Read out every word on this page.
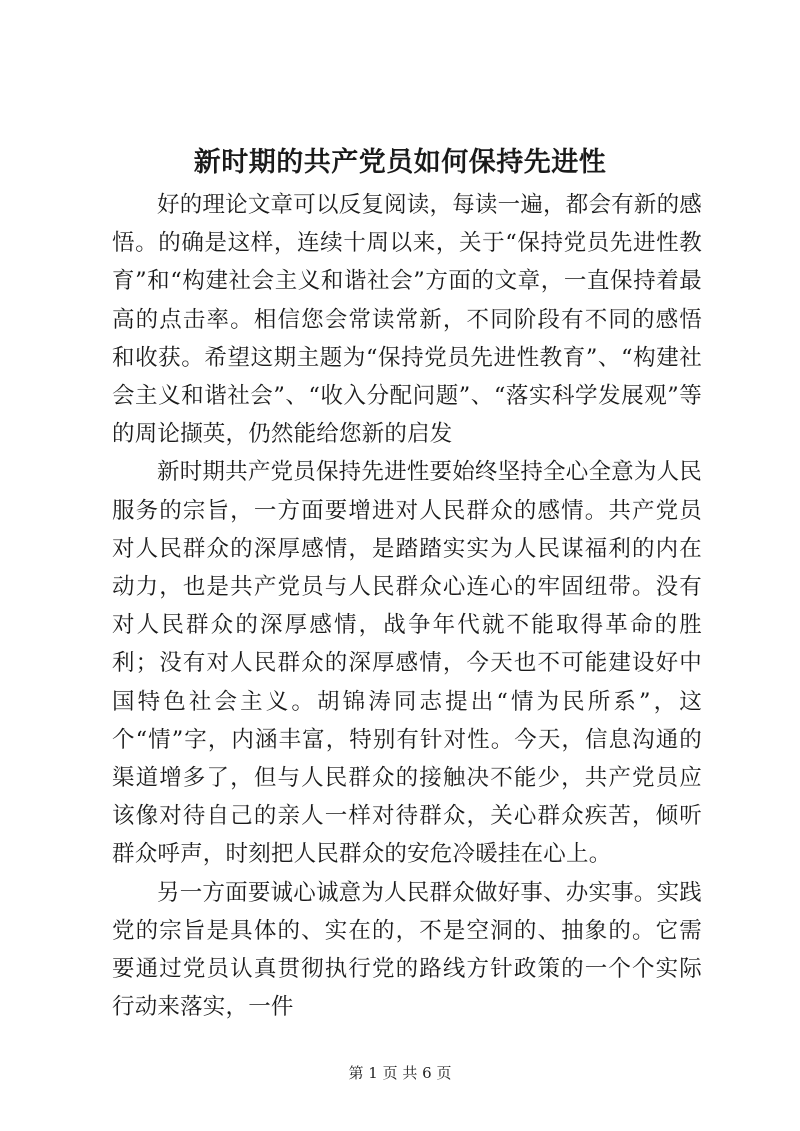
新时期的共产党员如何保持先进性

好的理论文章可以反复阅读，每读一遍，都会有新的感悟。的确是这样，连续十周以来，关于“保持党员先进性教育”和“构建社会主义和谐社会”方面的文章，一直保持着最高的点击率。相信您会常读常新，不同阶段有不同的感悟和收获。希望这期主题为“保持党员先进性教育”、“构建社会主义和谐社会”、“收入分配问题”、“落实科学发展观”等的周论撷英，仍然能给您新的启发

新时期共产党员保持先进性要始终坚持全心全意为人民服务的宗旨，一方面要增进对人民群众的感情。共产党员对人民群众的深厚感情，是踏踏实实为人民谋福利的内在动力，也是共产党员与人民群众心连心的牢固纽带。没有对人民群众的深厚感情，战争年代就不能取得革命的胜利；没有对人民群众的深厚感情，今天也不可能建设好中国特色社会主义。胡锦涛同志提出“情为民所系”，这个“情”字，内涵丰富，特别有针对性。今天，信息沟通的渠道增多了，但与人民群众的接触决不能少，共产党员应该像对待自己的亲人一样对待群众，关心群众疾苦，倾听群众呼声，时刻把人民群众的安危冷暖挂在心上。

另一方面要诚心诚意为人民群众做好事、办实事。实践党的宗旨是具体的、实在的，不是空洞的、抽象的。它需要通过党员认真贯彻执行党的路线方针政策的一个个实际行动来落实，一件

第 1 页 共 6 页
